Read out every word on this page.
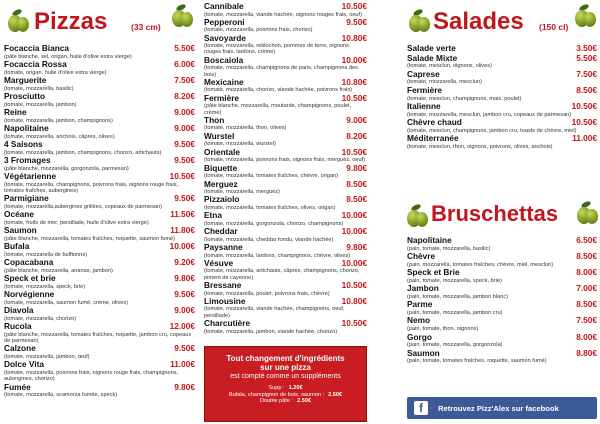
Pizzas	(33 cm)
Focaccia Bianca	5.50€
(pâte blanche, sel, origan, huile d'olive extra vierge)
Focaccia Rossa	6.00€
(tomate, origan, huile d'olive extra vierge)
Marguerite	7.50€
(tomate, mozzarella, basilic)
Prosciutto	8.20€
(tomate, mozzarella, jambon)
Reine	9.00€
(tomate, mozzarella, jambon, champignons)
Napolitaine	9.00€
(tomate, mozzarella, anchois, câpres, olives)
4 Saisons	9.50€
(tomate, mozzarella, jambon, champignons, chorizo, artichauts)
3 Fromages	9.50€
(pâte blanche, mozzarella, gorgonzola, parmesan)
Végétarienne	10.50€
(tomate, mozzarella, champignons, poivrons frais, oignons rouge frais, tomates fraîches, aubergines)
Parmigiane	9.50€
(tomate, mozzarella,aubergines grillées, copeaux de parmesan)
Océane	11.50€
(tomate, fruits de mer, persillade, huile d'olive extra vierge)
Saumon	11.80€
(pâte blanche, mozzarella, tomates fraîches, roquette, saumon fumé)
Bufala	10.00€
(tomate, mozzarella de buffionne)
Copacabana	9.20€
(pâte blanche, mozzarella, ananas, jambon)
Speck et brie	9.80€
(tomate, mozzarella, speck, brie)
Norvégienne	9.50€
(tomate, mozzarella, saumon fumé, crème, olives)
Diavola	9.00€
(tomate, mozzarella, chorizo)
Rucola	12.00€
(pâte blanche, mozzarella, tomates fraîches, roquette, jambon cru, copeaux de parmesan)
Calzone	9.50€
(tomate, mozzarella, jambon, œuf)
Dolce Vita	11.00€
(tomate, mozzarella, poivrons frais, oignons rouge frais, champignons, aubergines, chorizo)
Fumée	9.80€
(tomate, mozzarella, scamorza fumée, speck)
Cannibale	10.50€
(tomate, mozzarella, viande hachée, oignons rouges frais, oeuf)
Pepperoni	9.50€
(tomate, mozzarella, poivrons frais, chorizo)
Savoyarde	10.80€
(tomate, mozzarella, reblochon, pommes de terre, oignons rouges frais, lardons, crème)
Boscaiola	10.00€
(tomate, mozzarella, champignons de paris, champignons des bois)
Mexicaine	10.80€
(tomate, mozzarella, chorizo, viande hachée, poivrons frais)
Fermière	10.50€
(pâte blanche, mozzarella, moutarde, champignons, poulet, crème)
Thon	9.00€
(tomate, mozzarella, thon, olives)
Wurstel	8.20€
(tomate, mozzarella, wurstel)
Orientale	10.50€
(tomate, mozzarella, poivrons frais, oignons frais, merguez, oeuf)
Biquette	9.80€
(tomate, mozzarella, tomates fraîches, chèvre, origan)
Merguez	8.50€
(tomate, mozzarella, merguez)
Pizzaiolo	8.50€
(tomate, mozzarella, tomates fraîches, olives, origan)
Etna	10.00€
(tomate, mozzarella, gorgonzola, chorizo, champignons)
Cheddar	10.00€
(tomate, mozzarella, cheddar fondu, viande hachée)
Paysanne	9.80€
(tomate, mozzarella, lardons, champignons, chèvre, olives)
Vésuve	10.00€
(tomate, mozzarella, artichauts, câpres, champignons, chorizo, piment de cayenne)
Bressane	10.50€
(tomate, mozzarella, poulet, poivrons frais, chèvre)
Limousine	10.80€
(tomate, mozzarella, viande hachée, champignons, oeuf, persillade)
Charcutière	10.50€
(tomate, mozzarella, jambon, viande hachée, chorizo)
Tout changement d'ingrédients
sur une pizza
est compté comme un suppléments
Supp : 1.20€
Bufala, champignon de bois, saumon : 2.50€
Double pâte : 2.50€
Salades (150 cl)
Salade verte	3.50€
Salade Mixte	5.50€
(tomate, mesclun, oignons, olives)
Caprese	7.50€
(tomate, mozzarella, mesclun)
Fermière	8.50€
(tomate, mesclun, champignons, mais, poulet)
Italienne	10.50€
(tomate, mozzarella, mesclun, jambon cru, copeaux de parmesan)
Chèvre chaud	10.50€
(tomate, mesclun, champignons, jambon cru, toasts de chèvre, miel)
Méditerranée	11.00€
(tomate, mesclun, thon, oignons, poivrons, olives, anchois)
Bruschettas
Napolitaine	6.50€
(pain, tomate, mozzarella, basilic)
Chèvre	8.50€
(pain, mozzarella, tomates fraîches, chèvre, miel, mesclun)
Speck et Brie	8.00€
(pain, tomate, mozzarella, speck, brie)
Jambon	7.00€
(pain, tomate, mozzarella, jambon blanc)
Parme	8.50€
(pain, tomate, mozzarella, jambon cru)
Nemo	7.50€
(pain, tomate, thon, oignons)
Gorgo	8.00€
(pain, tomate, mozzarella, gorgonzola)
Saumon	8.80€
(pain, tomate, tomates fraîches, roquette, saumon fumé)
f	Retrouvez Pizz'Alex sur facebook
